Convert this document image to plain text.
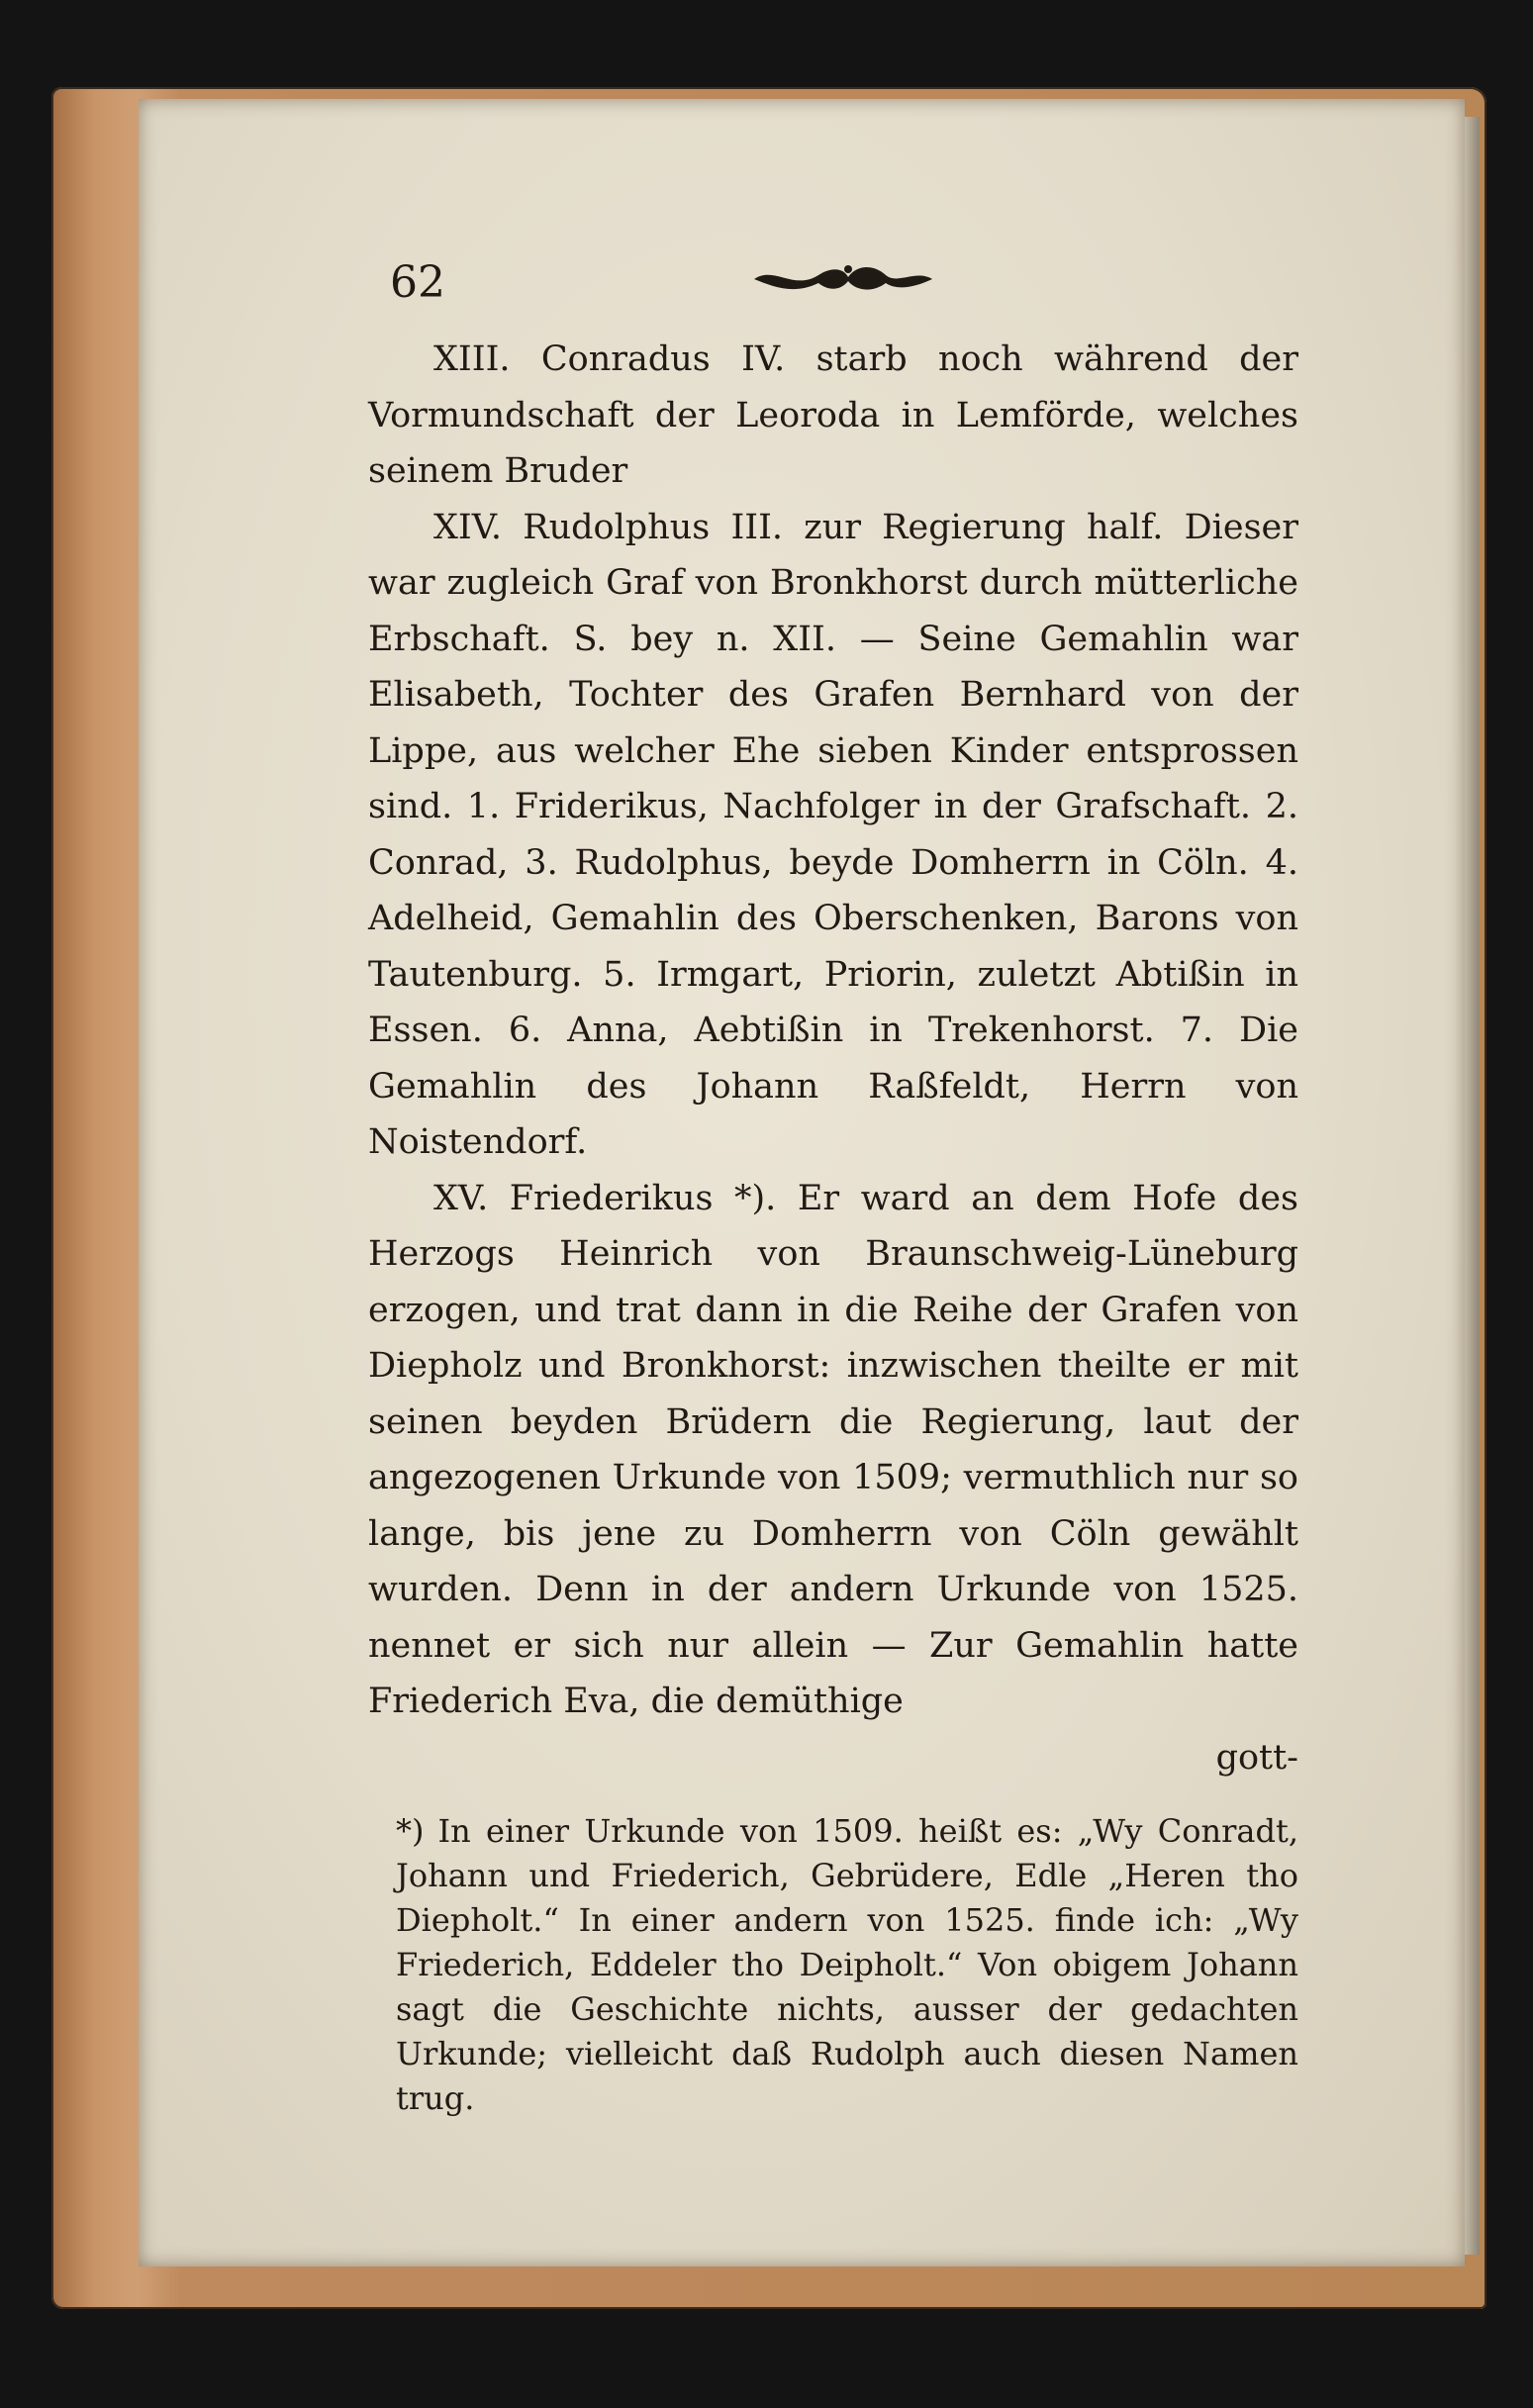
62

XIII. Conradus IV. starb noch während der Vormundschaft der Leoroda in Lemförde, welches seinem Bruder

XIV. Rudolphus III. zur Regierung half. Dieser war zugleich Graf von Bronkhorst durch mütterliche Erbschaft. S. bey n. XII. — Seine Gemahlin war Elisabeth, Tochter des Grafen Bernhard von der Lippe, aus welcher Ehe sieben Kinder entsprossen sind. 1. Friderikus, Nachfolger in der Grafschaft. 2. Conrad, 3. Rudolphus, beyde Domherrn in Cöln. 4. Adelheid, Gemahlin des Oberschenken, Barons von Tautenburg. 5. Irmgart, Priorin, zuletzt Abtißin in Essen. 6. Anna, Aebtißin in Trekenhorst. 7. Die Gemahlin des Johann Raßfeldt, Herrn von Noistendorf.

XV. Friederikus *). Er ward an dem Hofe des Herzogs Heinrich von Braunschweig-Lüneburg erzogen, und trat dann in die Reihe der Grafen von Diepholz und Bronkhorst: inzwischen theilte er mit seinen beyden Brüdern die Regierung, laut der angezogenen Urkunde von 1509; vermuthlich nur so lange, bis jene zu Domherrn von Cöln gewählt wurden. Denn in der andern Urkunde von 1525. nennet er sich nur allein — Zur Gemahlin hatte Friederich Eva, die demüthige

gott-

*) In einer Urkunde von 1509. heißt es: „Wy Conradt, Johann und Friederich, Gebrüdere, Edle „Heren tho Diepholt.“ In einer andern von 1525. finde ich: „Wy Friederich, Eddeler tho Deipholt.“ Von obigem Johann sagt die Geschichte nichts, ausser der gedachten Urkunde; vielleicht daß Rudolph auch diesen Namen trug.
